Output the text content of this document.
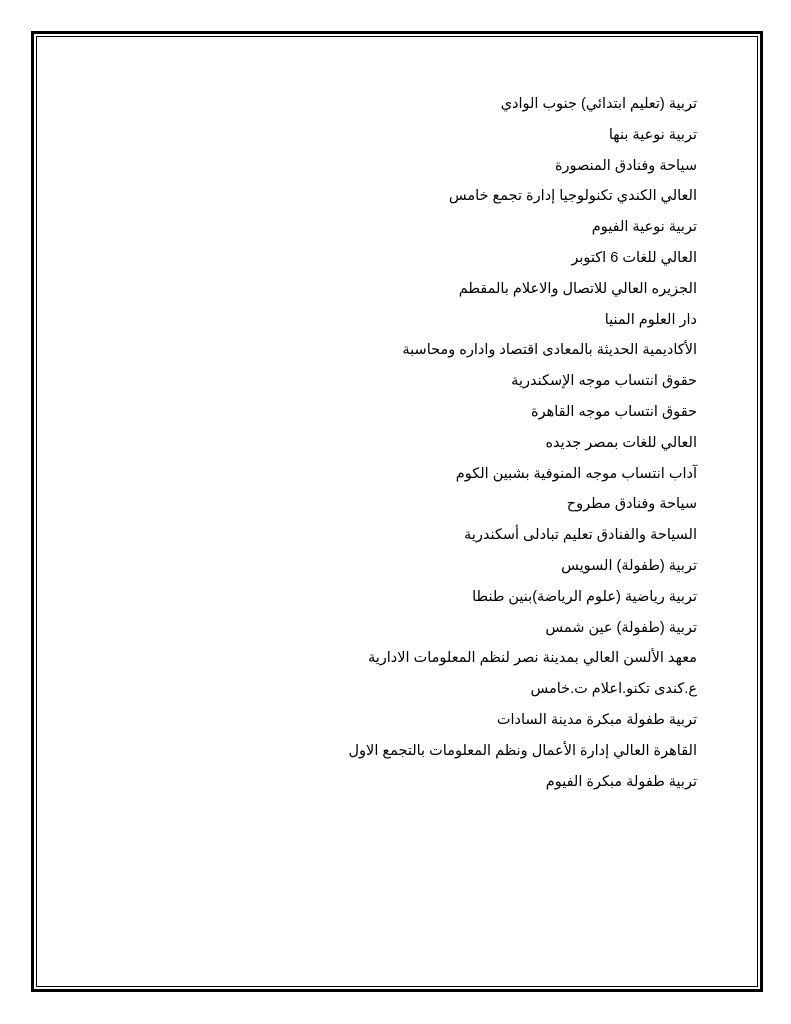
تربية (تعليم ابتدائي) جنوب الوادي
تربية نوعية بنها
سياحة وفنادق المنصورة
العالي الكندي تكنولوجيا إدارة تجمع خامس
تربية نوعية الفيوم
العالي للغات 6 اكتوبر
الجزيره العالي للاتصال والاعلام بالمقطم
دار العلوم المنيا
الأكاديمية الحديثة بالمعادى اقتصاد واداره ومحاسبة
حقوق انتساب موجه الإسكندرية
حقوق انتساب موجه القاهرة
العالي للغات بمصر جديده
آداب انتساب موجه المنوفية بشبين الكوم
سياحة وفنادق مطروح
السياحة والفنادق تعليم تبادلى أسكندرية
تربية (طفولة) السويس
تربية رياضية (علوم الرياضة)بنين طنطا
تربية (طفولة) عين شمس
معهد الألسن العالي بمدينة نصر لنظم المعلومات الادارية
ع.كندى تكنو.اعلام ت.خامس
تربية طفولة مبكرة مدينة السادات
القاهرة العالي إدارة الأعمال ونظم المعلومات بالتجمع الاول
تربية طفولة مبكرة الفيوم
